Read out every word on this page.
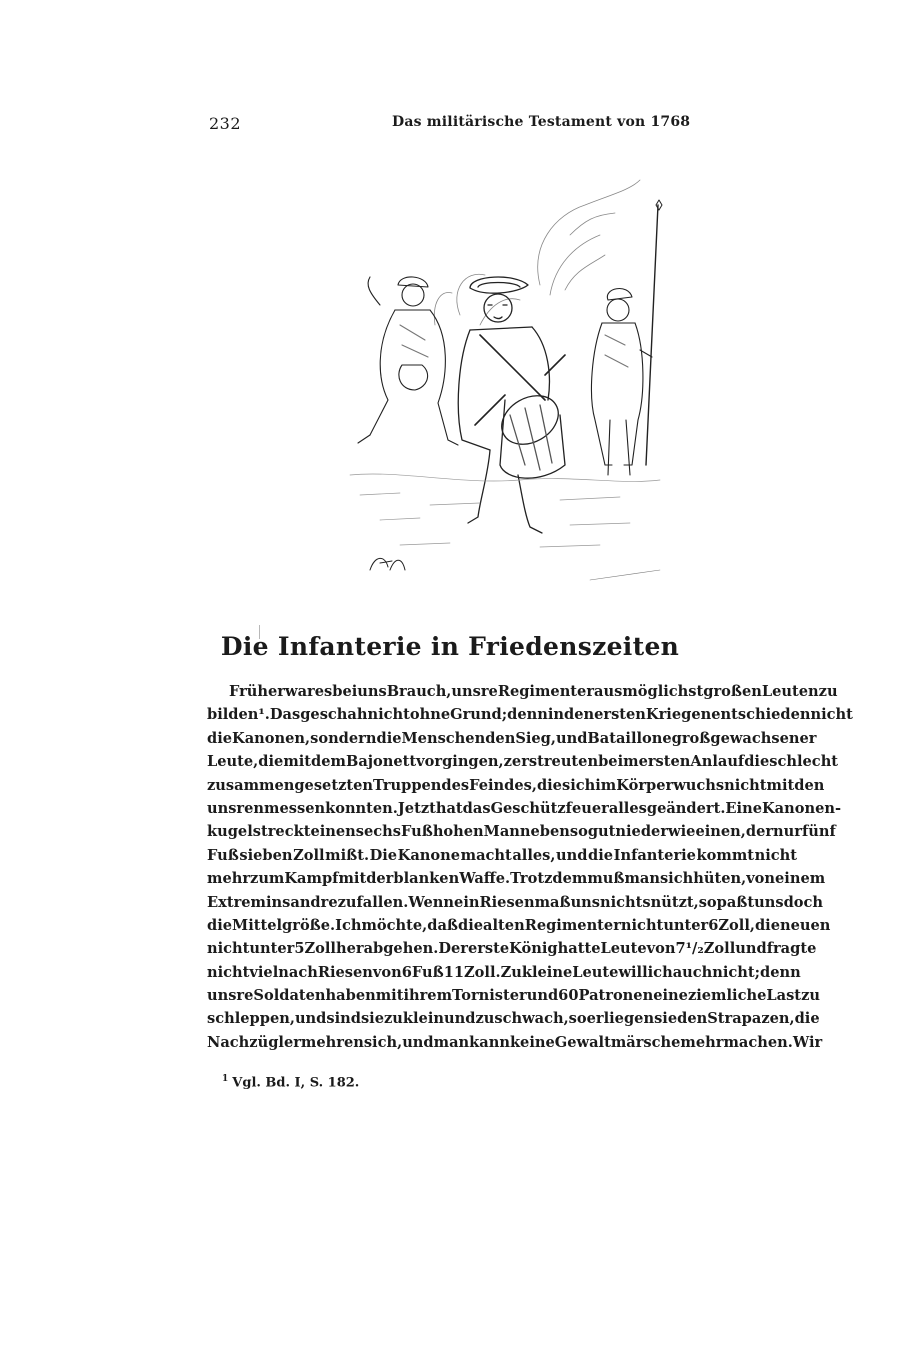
232	Das militärische Testament von 1768
Die Infanterie in Friedenszeiten
Früher war es bei uns Brauch, unsre Regimenter aus möglichst großen Leuten zu
bilden¹. Das geschah nicht ohne Grund; denn in den ersten Kriegen entschieden nicht
die Kanonen, sondern die Menschen den Sieg, und Bataillone groß gewachsener
Leute, die mit dem Bajonett vorgingen, zerstreuten beim ersten Anlauf die schlecht
zusammengesetzten Truppen des Feindes, die sich im Körperwuchs nicht mit den
unsren messen konnten. Jetzt hat das Geschützfeuer alles geändert. Eine Kanonen-
kugel streckt einen sechs Fuß hohen Mann ebensogut nieder wie einen, der nur fünf
Fuß sieben Zoll mißt. Die Kanone macht alles, und die Infanterie kommt nicht
mehr zum Kampf mit der blanken Waffe. Trotzdem muß man sich hüten, von einem
Extrem ins andre zu fallen. Wenn ein Riesenmaß uns nichts nützt, so paßt uns doch
die Mittelgröße. Ich möchte, daß die alten Regimenter nicht unter 6 Zoll, die neuen
nicht unter 5 Zoll herabgehen. Der erste König hatte Leute von 7¹/₂ Zoll und fragte
nicht viel nach Riesen von 6 Fuß 11 Zoll. Zu kleine Leute will ich auch nicht; denn
unsre Soldaten haben mit ihrem Tornister und 60 Patronen eine ziemliche Last zu
schleppen, und sind sie zu klein und zu schwach, so erliegen sie den Strapazen, die
Nachzügler mehren sich, und man kann keine Gewaltmärsche mehr machen. Wir
$^1$ Vgl. Bd. I, S. 182.
